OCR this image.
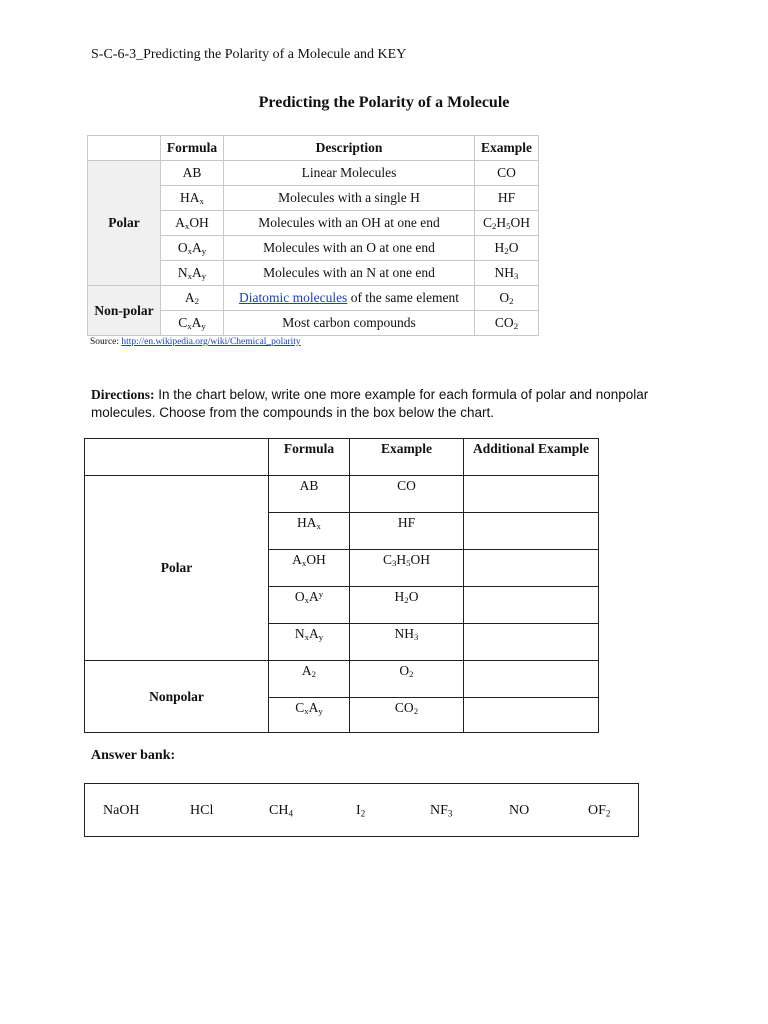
S-C-6-3_Predicting the Polarity of a Molecule and KEY
Predicting the Polarity of a Molecule
	Formula	Description	Example
Polar	AB	Linear Molecules	CO
	$HA_x$	Molecules with a single H	HF
	$A_xOH$	Molecules with an OH at one end	$C_2H_5OH$
	$O_xA_y$	Molecules with an O at one end	$H_2O$
	$N_xA_y$	Molecules with an N at one end	$NH_3$
Non-polar	$A_2$	Diatomic molecules of the same element	$O_2$
	$C_xA_y$	Most carbon compounds	$CO_2$
Source: http://en.wikipedia.org/wiki/Chemical_polarity
Directions: In the chart below, write one more example for each formula of polar and nonpolar molecules. Choose from the compounds in the box below the chart.
	Formula	Example	Additional Example
Polar	AB	CO	
	$HA_x$	HF	
	$A_xOH$	$C_3H_5OH$	
	$O_xA^y$	$H_2O$	
	$N_xA_y$	$NH_3$	
Nonpolar	$A_2$	$O_2$	
	$C_xA_y$	$CO_2$	
Answer bank:
NaOH	HCl	$CH_4$	$I_2$	$NF_3$	NO	$OF_2$
